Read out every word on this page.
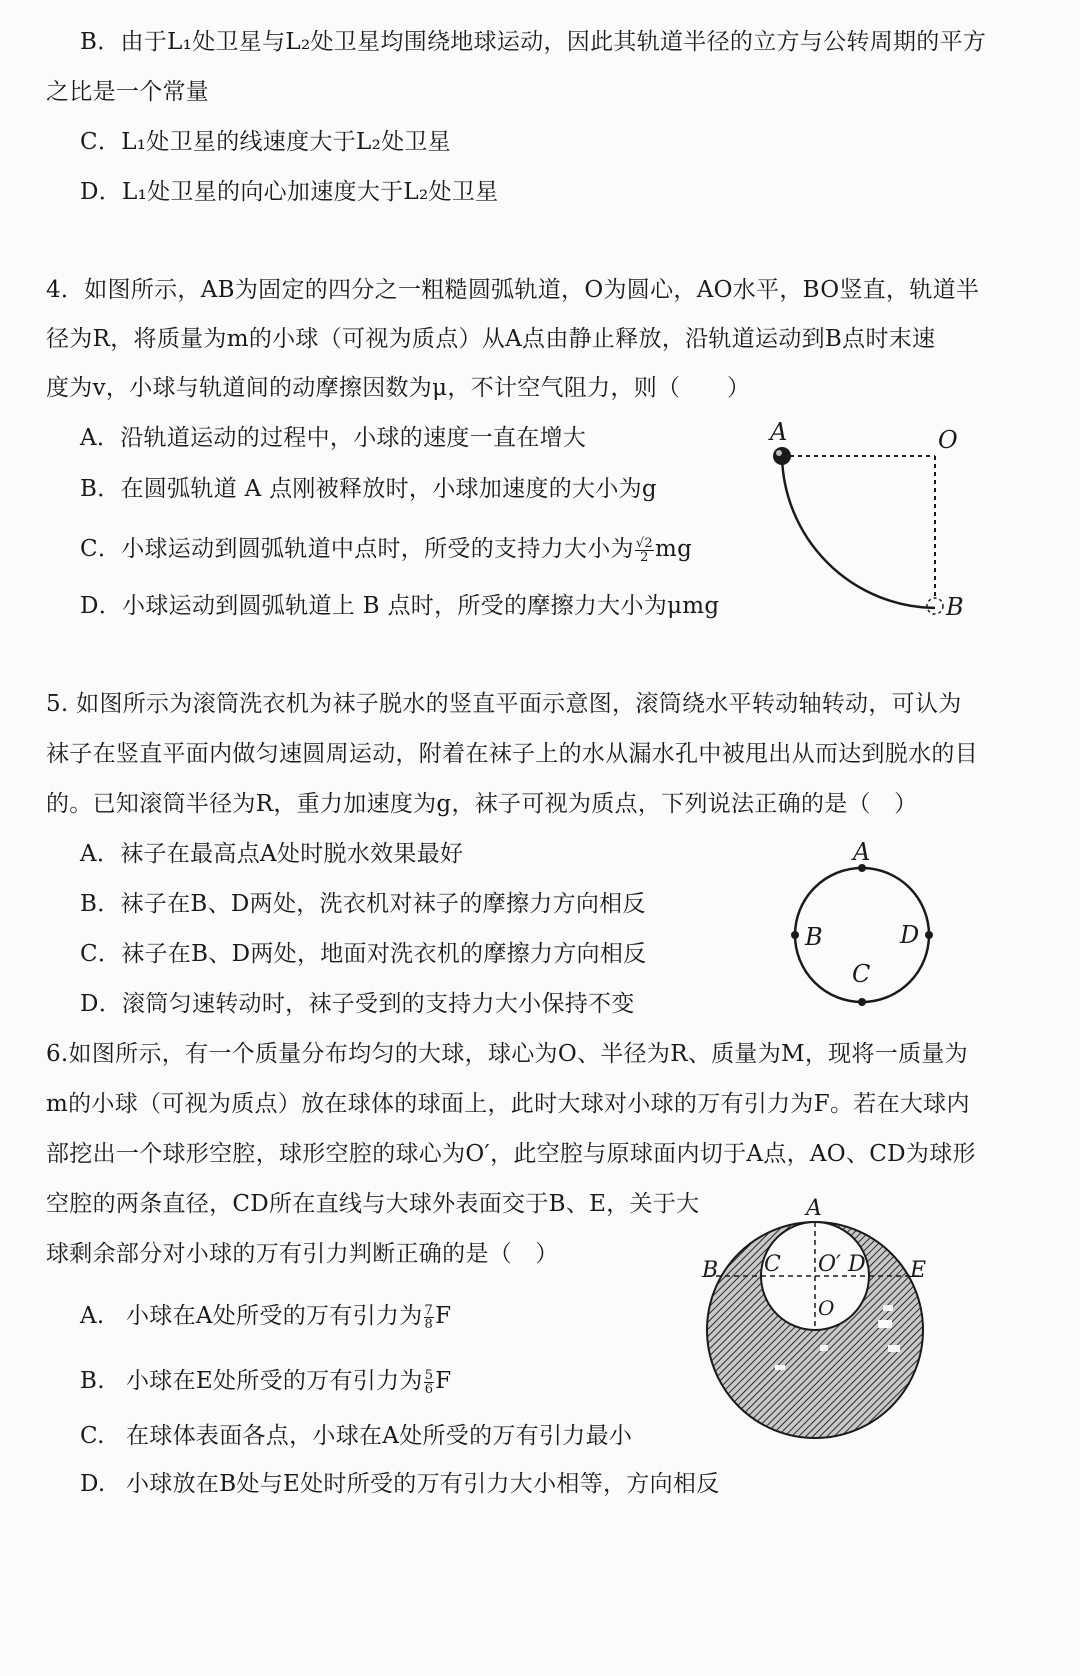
B．由于L₁处卫星与L₂处卫星均围绕地球运动，因此其轨道半径的立方与公转周期的平方
之比是一个常量
C．L₁处卫星的线速度大于L₂处卫星
D．L₁处卫星的向心加速度大于L₂处卫星
4．如图所示，AB为固定的四分之一粗糙圆弧轨道，O为圆心，AO水平，BO竖直，轨道半
径为R，将质量为m的小球（可视为质点）从A点由静止释放，沿轨道运动到B点时末速
度为v，小球与轨道间的动摩擦因数为μ，不计空气阻力，则（　　）
A．沿轨道运动的过程中，小球的速度一直在增大
B．在圆弧轨道 A 点刚被释放时，小球加速度的大小为g
C．小球运动到圆弧轨道中点时，所受的支持力大小为 $\frac{√2}{2}$ mg
D．小球运动到圆弧轨道上 B 点时，所受的摩擦力大小为μmg
A	O
B
5. 如图所示为滚筒洗衣机为袜子脱水的竖直平面示意图，滚筒绕水平转动轴转动，可认为
袜子在竖直平面内做匀速圆周运动，附着在袜子上的水从漏水孔中被甩出从而达到脱水的目
的。已知滚筒半径为R，重力加速度为g，袜子可视为质点，下列说法正确的是（　）
A．袜子在最高点A处时脱水效果最好
B．袜子在B、D两处，洗衣机对袜子的摩擦力方向相反
C．袜子在B、D两处，地面对洗衣机的摩擦力方向相反
D．滚筒匀速转动时，袜子受到的支持力大小保持不变
A
B
C
D
6.如图所示，有一个质量分布均匀的大球，球心为O、半径为R、质量为M，现将一质量为
m的小球（可视为质点）放在球体的球面上，此时大球对小球的万有引力为F。若在大球内
部挖出一个球形空腔，球形空腔的球心为O′，此空腔与原球面内切于A点，AO、CD为球形
空腔的两条直径，CD所在直线与大球外表面交于B、E，关于大
球剩余部分对小球的万有引力判断正确的是（　）
A. 小球在A处所受的万有引力为 $\frac{7}{8}$ F
B. 小球在E处所受的万有引力为 $\frac{5}{6}$ F
C. 在球体表面各点，小球在A处所受的万有引力最小
D. 小球放在B处与E处时所受的万有引力大小相等，方向相反
A
B C O′ D E
O
